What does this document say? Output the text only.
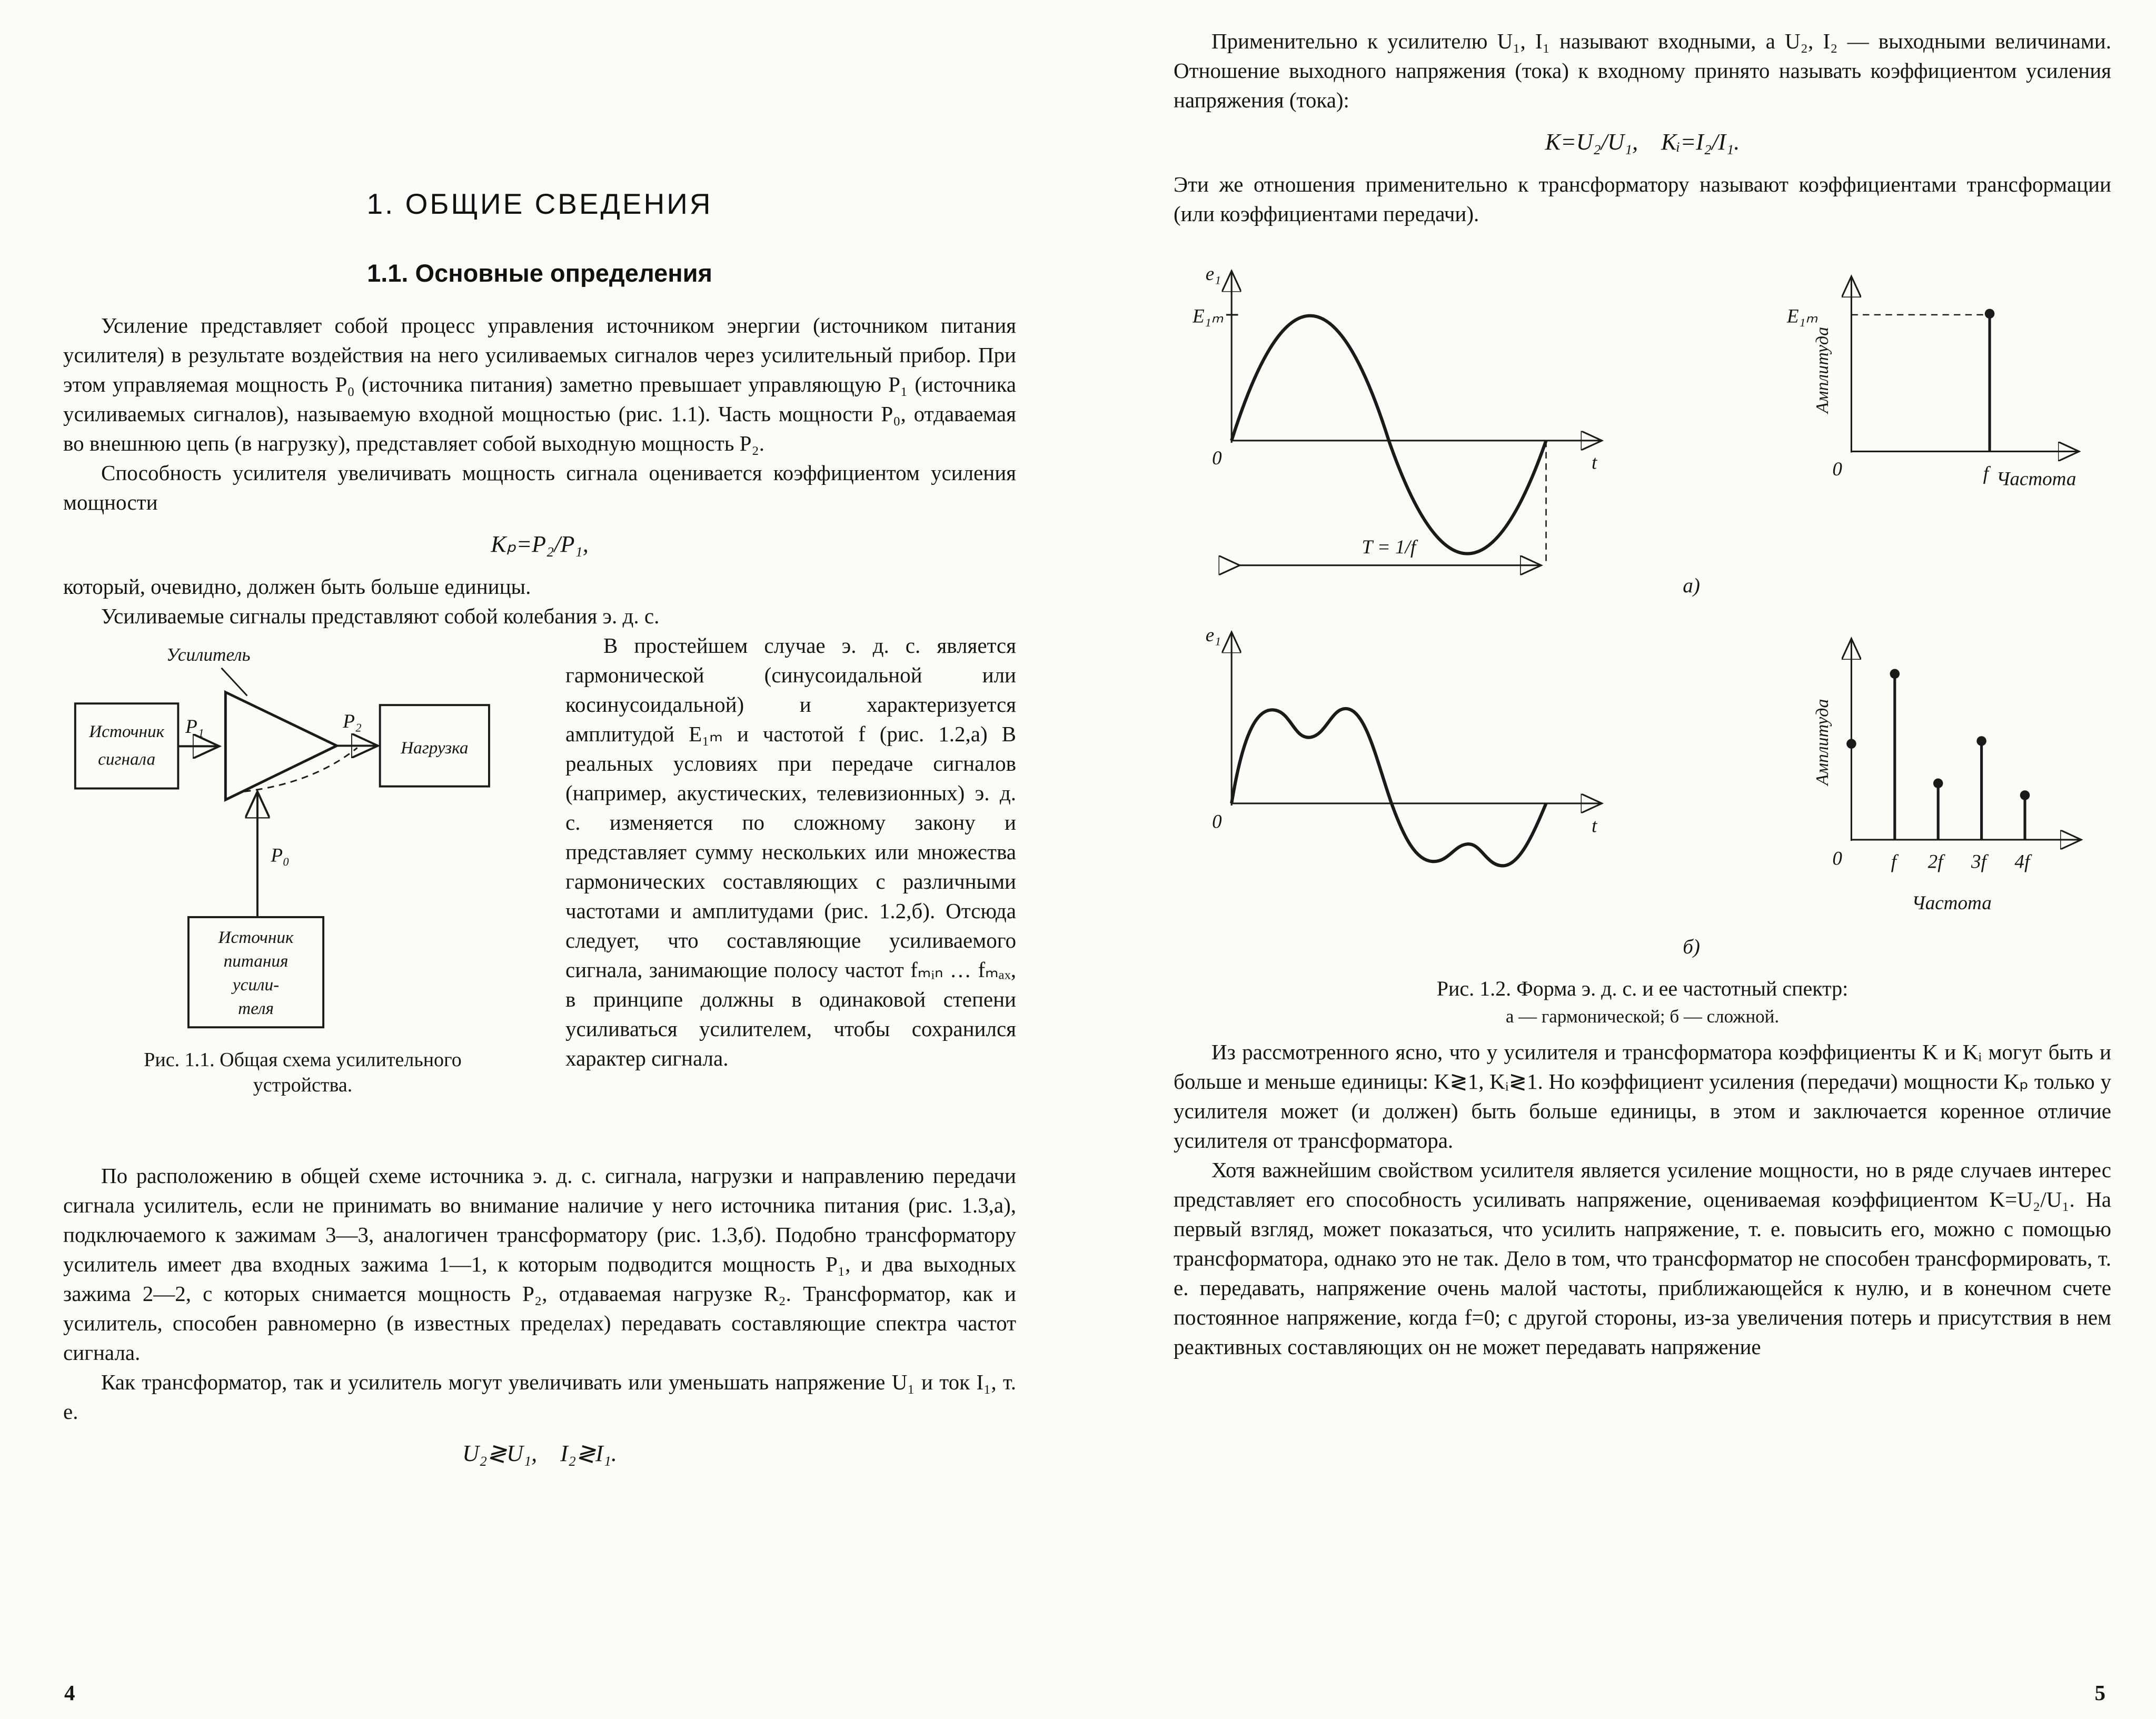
1. ОБЩИЕ СВЕДЕНИЯ
1.1. Основные определения

Усиление представляет собой процесс управления источником энергии (источником питания усилителя) в результате воздействия на него усиливаемых сигналов через усилительный прибор. При этом управляемая мощность P₀ (источника питания) заметно превышает управляющую P₁ (источника усиливаемых сигналов), называемую входной мощностью (рис. 1.1). Часть мощности P₀, отдаваемая во внешнюю цепь (в нагрузку), представляет собой выходную мощность P₂.

Способность усилителя увеличивать мощность сигнала оценивается коэффициентом усиления мощности

Kₚ=P₂/P₁,

который, очевидно, должен быть больше единицы.

Усиливаемые сигналы представляют собой колебания э. д. с.

Усилитель
Источник
сигнала
P₁	P₂
Нагрузка
P₀
Источник
питания
усили-
теля
Рис. 1.1. Общая схема усилительного устройства.

В простейшем случае э. д. с. является гармонической (синусоидальной или косинусоидальной) и характеризуется амплитудой E₁ₘ и частотой f (рис. 1.2,а) В реальных условиях при передаче сигналов (например, акустических, телевизионных) э. д. с. изменяется по сложному закону и представляет сумму нескольких или множества гармонических составляющих с различными частотами и амплитудами (рис. 1.2,б). Отсюда следует, что составляющие усиливаемого сигнала, занимающие полосу частот fₘᵢₙ … fₘₐₓ, в принципе должны в одинаковой степени усиливаться усилителем, чтобы сохранился характер сигнала.

По расположению в общей схеме источника э. д. с. сигнала, нагрузки и направлению передачи сигнала усилитель, если не принимать во внимание наличие у него источника питания (рис. 1.3,а), подключаемого к зажимам 3—3, аналогичен трансформатору (рис. 1.3,б). Подобно трансформатору усилитель имеет два входных зажима 1—1, к которым подводится мощность P₁, и два выходных зажима 2—2, с которых снимается мощность P₂, отдаваемая нагрузке R₂. Трансформатор, как и усилитель, способен равномерно (в известных пределах) передавать составляющие спектра частот сигнала.

Как трансформатор, так и усилитель могут увеличивать или уменьшать напряжение U₁ и ток I₁, т. е.

U₂≷U₁, I₂≷I₁.
4

Применительно к усилителю U₁, I₁ называют входными, а U₂, I₂ — выходными величинами. Отношение выходного напряжения (тока) к входному принято называть коэффициентом усиления напряжения (тока):

K=U₂/U₁, Kᵢ=I₂/I₁.

Эти же отношения применительно к трансформатору называют коэффициентами трансформации (или коэффициентами передачи).

e₁
t
0
E₁ₘ
T = 1/f
Амплитуда
E₁ₘ
0	f Частота
а)
e₁
t
0
Амплитуда
0	f 2f 3f 4f
Частота
б)
Рис. 1.2. Форма э. д. с. и ее частотный спектр:
а — гармонической; б — сложной.

Из рассмотренного ясно, что у усилителя и трансформатора коэффициенты K и Kᵢ могут быть и больше и меньше единицы: K≷1, Kᵢ≷1. Но коэффициент усиления (передачи) мощности Kₚ только у усилителя может (и должен) быть больше единицы, в этом и заключается коренное отличие усилителя от трансформатора.

Хотя важнейшим свойством усилителя является усиление мощности, но в ряде случаев интерес представляет его способность усиливать напряжение, оцениваемая коэффициентом K=U₂/U₁. На первый взгляд, может показаться, что усилить напряжение, т. е. повысить его, можно с помощью трансформатора, однако это не так. Дело в том, что трансформатор не способен трансформировать, т. е. передавать, напряжение очень малой частоты, приближающейся к нулю, и в конечном счете постоянное напряжение, когда f=0; с другой стороны, из-за увеличения потерь и присутствия в нем реактивных составляющих он не может передавать напряжение

5
